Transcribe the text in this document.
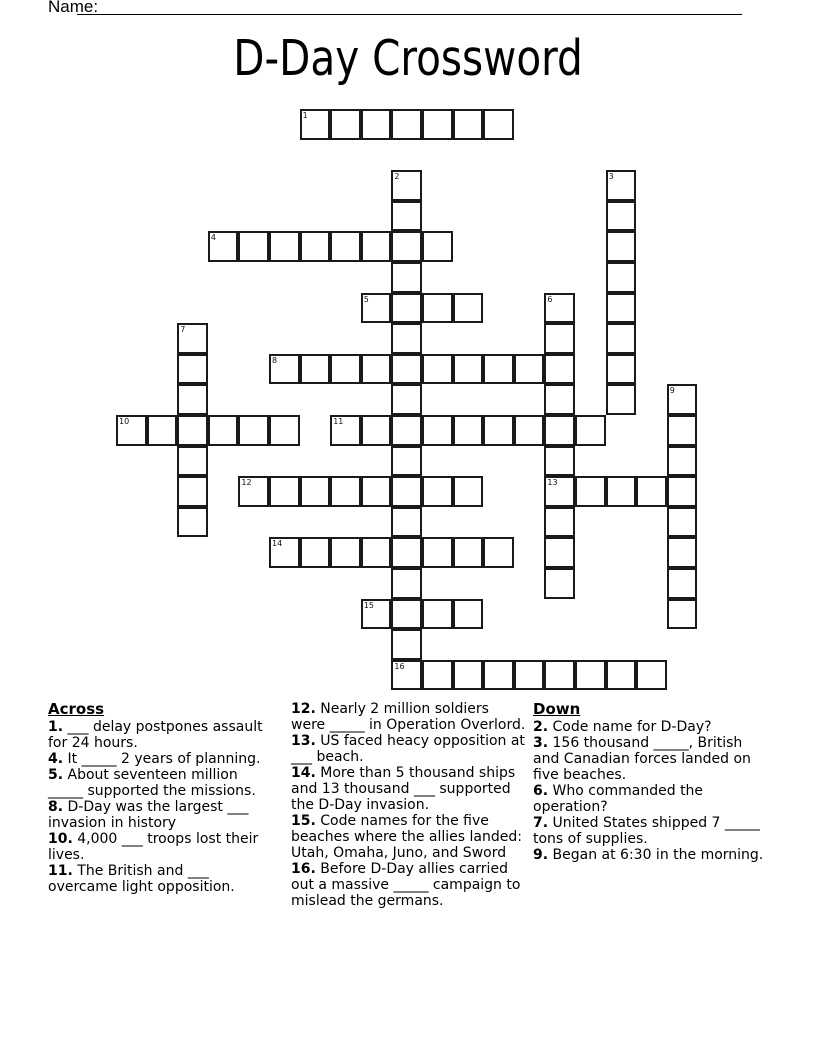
Name:
D-Day Crossword
1
2
16
3
4
5	6
13
7
8
9
10	11
12
14
15
Across

1. ___ delay postpones assault for 24 hours.

4. It _____ 2 years of planning.

5. About seventeen million _____ supported the missions.

8. D-Day was the largest ___ invasion in history

10. 4,000 ___ troops lost their lives.

11. The British and ___ overcame light opposition.

12. Nearly 2 million soldiers were _____ in Operation Overlord.

13. US faced heacy opposition at ___ beach.

14. More than 5 thousand ships and 13 thousand ___ supported the D-Day invasion.

15. Code names for the five beaches where the allies landed: Utah, Omaha, Juno, and Sword

16. Before D-Day allies carried out a massive _____ campaign to mislead the germans.

Down

2. Code name for D-Day?

3. 156 thousand _____, British and Canadian forces landed on five beaches.

6. Who commanded the operation?

7. United States shipped 7 _____ tons of supplies.

9. Began at 6:30 in the morning.
